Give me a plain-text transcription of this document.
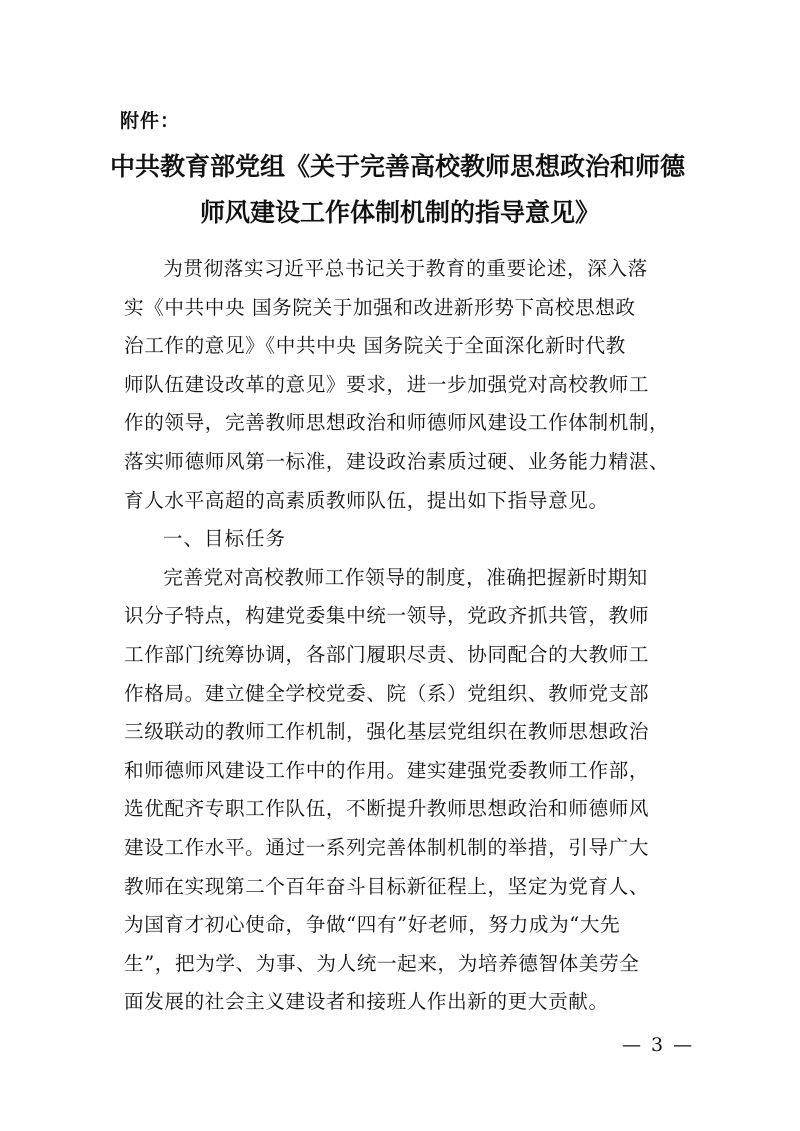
附件：
中共教育部党组《关于完善高校教师思想政治和师德
师风建设工作体制机制的指导意见》

为贯彻落实习近平总书记关于教育的重要论述，深入落
实《中共中央 国务院关于加强和改进新形势下高校思想政
治工作的意见》《中共中央 国务院关于全面深化新时代教
师队伍建设改革的意见》要求，进一步加强党对高校教师工
作的领导，完善教师思想政治和师德师风建设工作体制机制，
落实师德师风第一标准，建设政治素质过硬、业务能力精湛、
育人水平高超的高素质教师队伍，提出如下指导意见。

一、目标任务

完善党对高校教师工作领导的制度，准确把握新时期知
识分子特点，构建党委集中统一领导，党政齐抓共管，教师
工作部门统筹协调，各部门履职尽责、协同配合的大教师工
作格局。建立健全学校党委、院（系）党组织、教师党支部
三级联动的教师工作机制，强化基层党组织在教师思想政治
和师德师风建设工作中的作用。建实建强党委教师工作部，
选优配齐专职工作队伍，不断提升教师思想政治和师德师风
建设工作水平。通过一系列完善体制机制的举措，引导广大
教师在实现第二个百年奋斗目标新征程上，坚定为党育人、
为国育才初心使命，争做“四有”好老师，努力成为“大先
生”，把为学、为事、为人统一起来，为培养德智体美劳全
面发展的社会主义建设者和接班人作出新的更大贡献。

— 3 —
